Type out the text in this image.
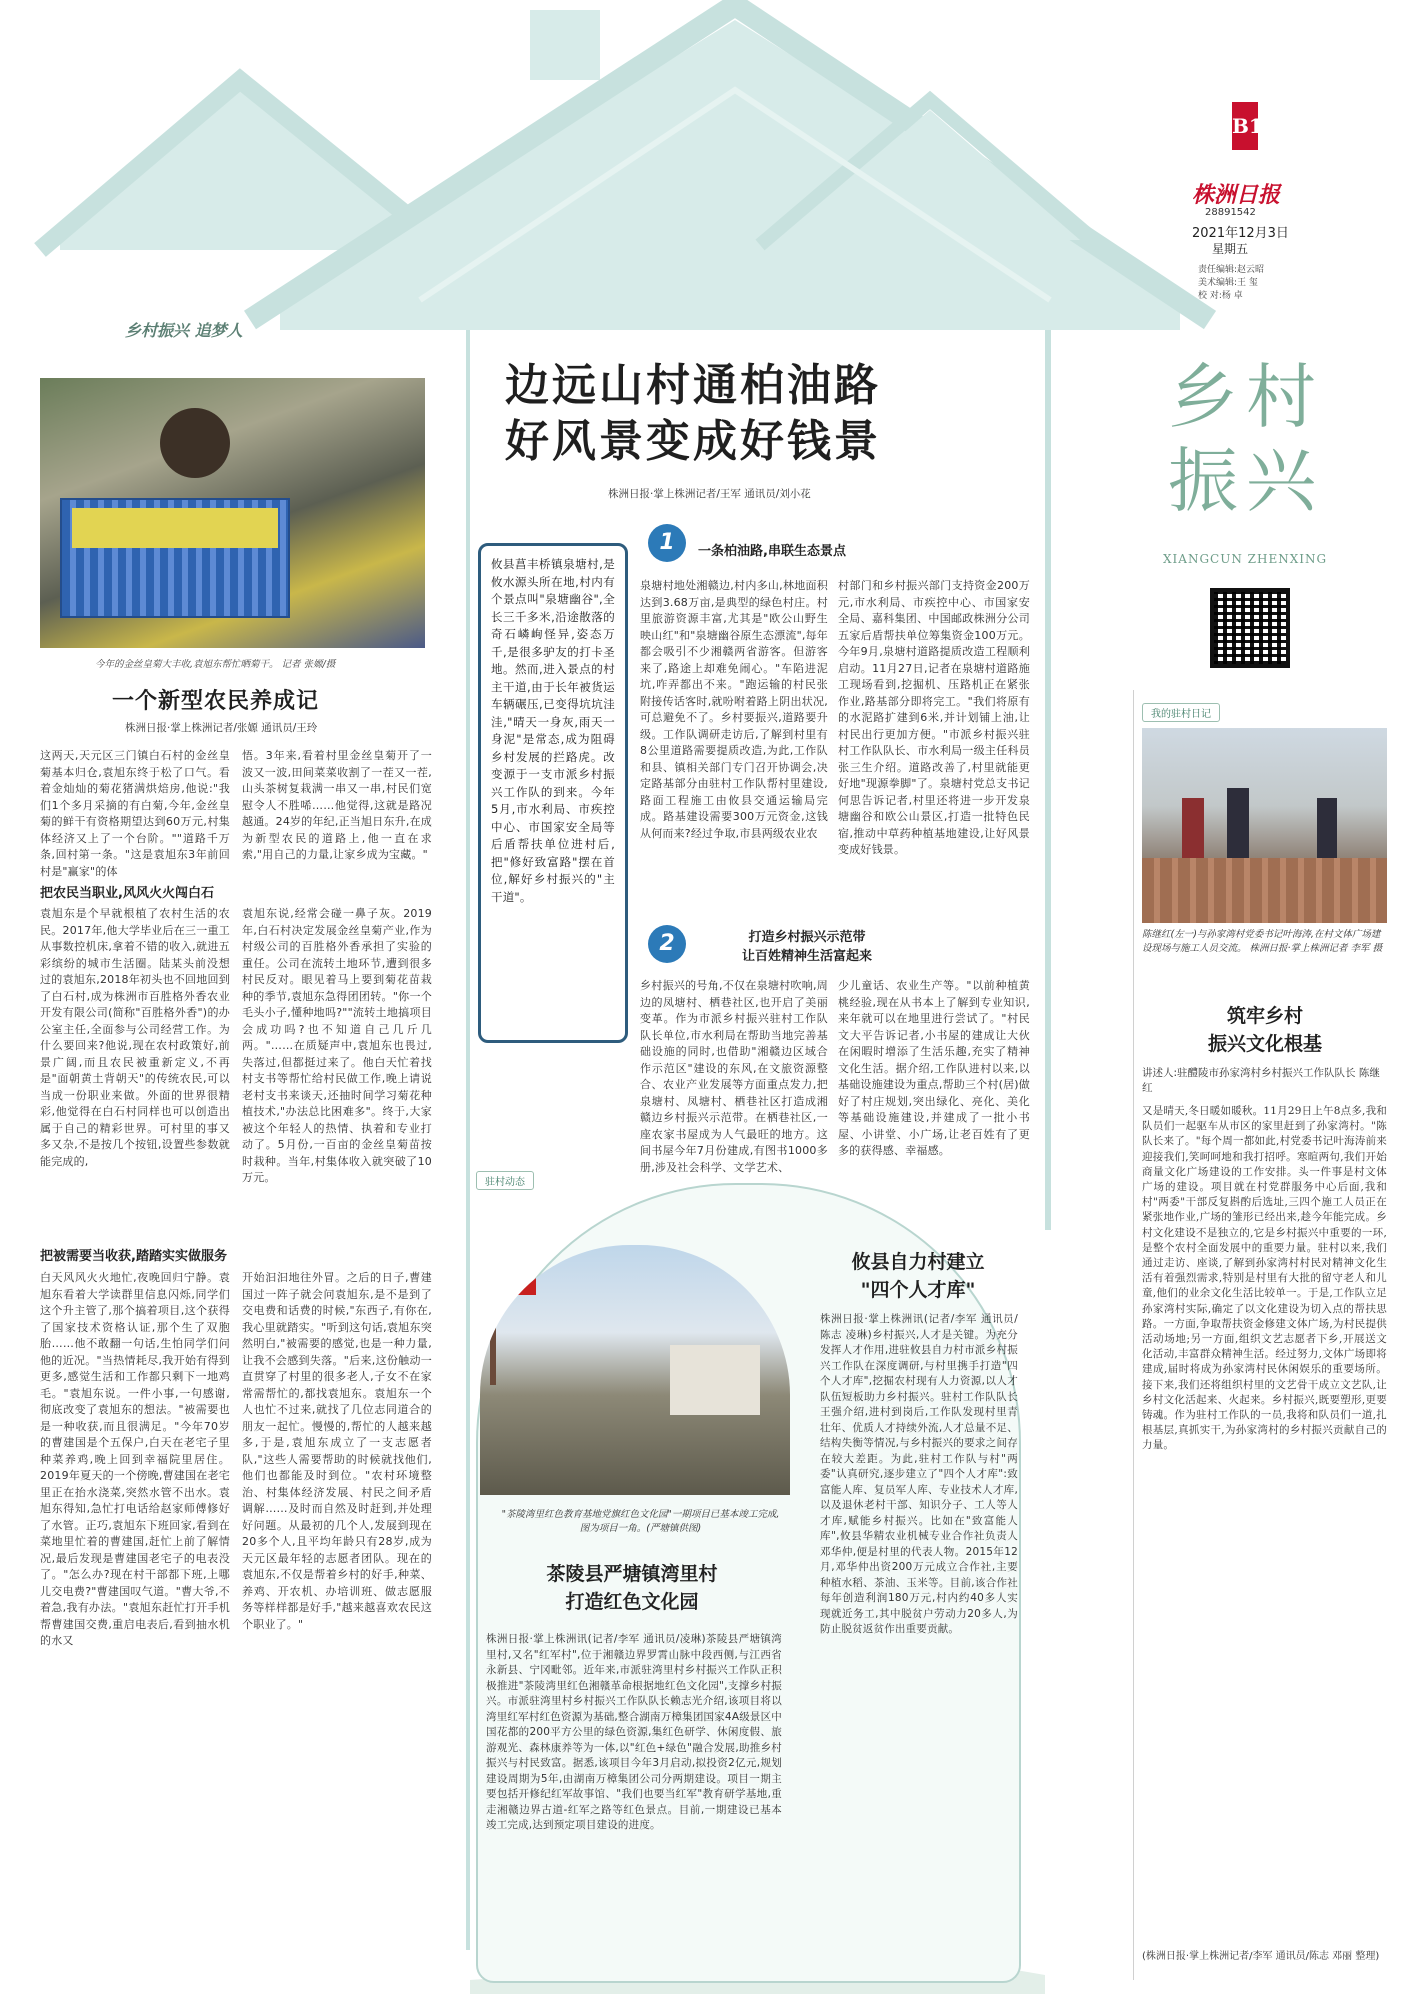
B1
株洲日报
28891542
2021年12月3日
星期五
责任编辑:赵云昭
美术编辑:王 玺
校 对:杨 卓
乡村振兴
XIANGCUN ZHENXING
乡村振兴 追梦人
边远山村通柏油路
好风景变成好钱景
株洲日报·掌上株洲记者/王军 通讯员/刘小花
攸县菖丰桥镇泉塘村,是攸水源头所在地,村内有个景点叫"泉塘幽谷",全长三千多米,沿途散落的奇石嶙峋怪异,姿态万千,是很多驴友的打卡圣地。然而,进入景点的村主干道,由于长年被货运车辆碾压,已变得坑坑洼洼,"晴天一身灰,雨天一身泥"是常态,成为阻碍乡村发展的拦路虎。改变源于一支市派乡村振兴工作队的到来。今年5月,市水利局、市疾控中心、市国家安全局等后盾帮扶单位进村后,把"修好致富路"摆在首位,解好乡村振兴的"主干道"。
1	一条柏油路,串联生态景点
泉塘村地处湘赣边,村内多山,林地面积达到3.68万亩,是典型的绿色村庄。村里旅游资源丰富,尤其是"欧公山野生映山红"和"泉塘幽谷原生态漂流",每年都会吸引不少湘赣两省游客。但游客来了,路途上却难免闹心。"车陷进泥坑,咋弄都出不来。"跑运输的村民张附接传话客时,就吩咐着路上阴出状况,可总避免不了。乡村要振兴,道路要升级。工作队调研走访后,了解到村里有8公里道路需要提质改造,为此,工作队和县、镇相关部门专门召开协调会,决定路基部分由驻村工作队帮村里建设,路面工程施工由攸县交通运输局完成。路基建设需要300万元资金,这钱从何而来?经过争取,市县两级农业农
村部门和乡村振兴部门支持资金200万元,市水利局、市疾控中心、市国家安全局、嘉科集团、中国邮政株洲分公司五家后盾帮扶单位筹集资金100万元。今年9月,泉塘村道路提质改造工程顺利启动。11月27日,记者在泉塘村道路施工现场看到,挖掘机、压路机正在紧张作业,路基部分即将完工。"我们将原有的水泥路扩建到6米,并计划铺上油,让村民出行更加方便。"市派乡村振兴驻村工作队队长、市水利局一级主任科员张三生介绍。道路改善了,村里就能更好地"现源拳脚"了。泉塘村党总支书记何思告诉记者,村里还将进一步开发泉塘幽谷和欧公山景区,打造一批特色民宿,推动中草药种植基地建设,让好风景变成好钱景。
2	打造乡村振兴示范带
让百姓精神生活富起来
乡村振兴的号角,不仅在泉塘村吹响,周边的凤塘村、栖巷社区,也开启了美丽变革。作为市派乡村振兴驻村工作队队长单位,市水利局在帮助当地完善基础设施的同时,也借助"湘赣边区域合作示范区"建设的东风,在文旅资源整合、农业产业发展等方面重点发力,把泉塘村、凤塘村、栖巷社区打造成湘赣边乡村振兴示范带。在栖巷社区,一座农家书屋成为人气最旺的地方。这间书屋今年7月份建成,有图书1000多册,涉及社会科学、文学艺术、
少儿童话、农业生产等。"以前种植黄桃经验,现在从书本上了解到专业知识,来年就可以在地里进行尝试了。"村民文大平告诉记者,小书屋的建成让大伙在闲暇时增添了生活乐趣,充实了精神文化生活。据介绍,工作队进村以来,以基础设施建设为重点,帮助三个村(居)做好了村庄规划,突出绿化、亮化、美化等基础设施建设,并建成了一批小书屋、小讲堂、小广场,让老百姓有了更多的获得感、幸福感。
今年的金丝皇菊大丰收,袁旭东帮忙晒菊干。 记者 张嫄/摄
一个新型农民养成记
株洲日报·掌上株洲记者/张嫄 通讯员/王玲
这两天,天元区三门镇白石村的金丝皇菊基本归仓,袁旭东终于松了口气。看着金灿灿的菊花猪满烘焙房,他说:"我们1个多月采摘的有白菊,今年,金丝皇菊的鲜干有资格期望达到60万元,村集体经济又上了一个台阶。""道路千万条,回村第一条。"这是袁旭东3年前回村是"赢家"的体
悟。3年来,看着村里金丝皇菊开了一波又一波,田间菜菜收割了一茬又一茬,山头茶树复栽满一串又一串,村民们宽慰令人不胜唏……他觉得,这就是路况越通。24岁的年纪,正当旭日东升,在成为新型农民的道路上,他一直在求索,"用自己的力量,让家乡成为宝藏。"
把农民当职业,风风火火闯白石
袁旭东是个早就根植了农村生活的农民。2017年,他大学毕业后在三一重工从事数控机床,拿着不错的收入,就进五彩缤纷的城市生活圈。陆某头前没想过的袁旭东,2018年初头也不回地回到了白石村,成为株洲市百胜格外香农业开发有限公司(简称"百胜格外香")的办公室主任,全面参与公司经营工作。为什么要回来?他说,现在农村政策好,前景广阔,而且农民被重新定义,不再是"面朝黄土背朝天"的传统农民,可以当成一份职业来做。外面的世界很精彩,他觉得在白石村同样也可以创造出属于自己的精彩世界。可村里的事又多又杂,不是按几个按钮,设置些参数就能完成的,
袁旭东说,经常会碰一鼻子灰。2019年,白石村决定发展金丝皇菊产业,作为村级公司的百胜格外香承担了实验的重任。公司在流转土地环节,遭到很多村民反对。眼见着马上要到菊花苗栽种的季节,袁旭东急得团团转。"你一个毛头小子,懂种地吗?""流转土地搞项目会成功吗?也不知道自己几斤几两。"……在质疑声中,袁旭东也畏过,失落过,但都挺过来了。他白天忙着找村支书等帮忙给村民做工作,晚上请说老村支书来谈天,还抽时间学习菊花种植技术,"办法总比困难多"。终于,大家被这个年轻人的热情、执着和专业打动了。5月份,一百亩的金丝皇菊苗按时栽种。当年,村集体收入就突破了10万元。
把被需要当收获,踏踏实实做服务
白天风风火火地忙,夜晚回归宁静。袁旭东看着大学读群里信息闪烁,同学们这个升主管了,那个搞着项目,这个获得了国家技术资格认证,那个生了双胞胎……他不敢翻一句话,生怕同学们问他的近况。"当热情耗尽,我开始有得到更多,感觉生活和工作都只剩下一地鸡毛。"袁旭东说。一件小事,一句感谢,彻底改变了袁旭东的想法。"被需要也是一种收获,而且很满足。"今年70岁的曹建国是个五保户,白天在老宅子里种菜养鸡,晚上回到幸福院里居住。2019年夏天的一个傍晚,曹建国在老宅里正在抬水浇菜,突然水管不出水。袁旭东得知,急忙打电话给赵家师傅修好了水管。正巧,袁旭东下班回家,看到在菜地里忙着的曹建国,赶忙上前了解情况,最后发现是曹建国老宅子的电表没了。"怎么办?现在村干部都下班,上哪儿交电费?"曹建国叹气道。"曹大爷,不着急,我有办法。"袁旭东赶忙打开手机帮曹建国交费,重启电表后,看到抽水机的水又
开始汩汩地往外冒。之后的日子,曹建国过一阵子就会问袁旭东,是不是到了交电费和话费的时候,"东西子,有你在,我心里就踏实。"听到这句话,袁旭东突然明白,"被需要的感觉,也是一种力量,让我不会感到失落。"后来,这份触动一直贯穿了村里的很多老人,子女不在家常需帮忙的,都找袁旭东。袁旭东一个人也忙不过来,就找了几位志同道合的朋友一起忙。慢慢的,帮忙的人越来越多,于是,袁旭东成立了一支志愿者队,"这些人需要帮助的时候就找他们,他们也都能及时到位。"农村环境整治、村集体经济发展、村民之间矛盾调解……及时而自然及时赶到,并处理好问题。从最初的几个人,发展到现在20多个人,且平均年龄只有28岁,成为天元区最年轻的志愿者团队。现在的袁旭东,不仅是帮着乡村的好手,种菜、养鸡、开农机、办培训班、做志愿服务等样样都是好手,"越来越喜欢农民这个职业了。"
驻村动态
"茶陵湾里红色教育基地党旗红色文化园"一期项目已基本竣工完成,图为项目一角。(严塘镇供图)
茶陵县严塘镇湾里村
打造红色文化园
株洲日报·掌上株洲讯(记者/李军 通讯员/凌琳)茶陵县严塘镇湾里村,又名"红军村",位于湘赣边界罗霄山脉中段西侧,与江西省永新县、宁冈毗邻。近年来,市派驻湾里村乡村振兴工作队正积极推进"茶陵湾里红色湘赣革命根据地红色文化园",支撑乡村振兴。市派驻湾里村乡村振兴工作队队长赖志光介绍,该项目将以湾里红军村红色资源为基础,整合湖南万樟集团国家4A级景区中国花都的200平方公里的绿色资源,集红色研学、休闲度假、旅游观光、森林康养等为一体,以"红色+绿色"融合发展,助推乡村振兴与村民致富。据悉,该项目今年3月启动,拟投资2亿元,规划建设周期为5年,由湖南万樟集团公司分两期建设。项目一期主要包括开修纪红军故事馆、"我们也要当红军"教育研学基地,重走湘赣边界古道-红军之路等红色景点。目前,一期建设已基本竣工完成,达到预定项目建设的进度。
攸县自力村建立
"四个人才库"
株洲日报·掌上株洲讯(记者/李军 通讯员/陈志 凌琳)乡村振兴,人才是关键。为充分发挥人才作用,进驻攸县自力村市派乡村振兴工作队在深度调研,与村里携手打造"四个人才库",挖掘农村现有人力资源,以人才队伍短板助力乡村振兴。驻村工作队队长王强介绍,进村到岗后,工作队发现村里青壮年、优质人才持续外流,人才总量不足、结构失衡等情况,与乡村振兴的要求之间存在较大差距。为此,驻村工作队与村"两委"认真研究,逐步建立了"四个人才库":致富能人库、复员军人库、专业技术人才库,以及退休老村干部、知识分子、工人等人才库,赋能乡村振兴。比如在"致富能人库",攸县华精农业机械专业合作社负责人邓华仲,便是村里的代表人物。2015年12月,邓华仲出资200万元成立合作社,主要种植水稻、茶油、玉米等。目前,该合作社每年创造利润180万元,村内约40多人实现就近务工,其中脱贫户劳动力20多人,为防止脱贫返贫作出重要贡献。
我的驻村日记
陈继红(左一)与孙家湾村党委书记叶海涛,在村文体广场建设现场与施工人员交流。 株洲日报·掌上株洲记者 李军 摄
筑牢乡村
振兴文化根基
讲述人:驻醴陵市孙家湾村乡村振兴工作队队长 陈继红
又是晴天,冬日暖如暖秋。11月29日上午8点多,我和队员们一起驱车从市区的家里赶到了孙家湾村。"陈队长来了。"每个周一都如此,村党委书记叶海涛前来迎接我们,笑呵呵地和我打招呼。寒暄两句,我们开始商量文化广场建设的工作安排。头一件事是村文体广场的建设。项目就在村党群服务中心后面,我和村"两委"干部反复斟酌后选址,三四个施工人员正在紧张地作业,广场的雏形已经出来,趁今年能完成。乡村文化建设不是独立的,它是乡村振兴中重要的一环,是整个农村全面发展中的重要力量。驻村以来,我们通过走访、座谈,了解到孙家湾村村民对精神文化生活有着强烈需求,特别是村里有大批的留守老人和儿童,他们的业余文化生活比较单一。于是,工作队立足孙家湾村实际,确定了以文化建设为切入点的帮扶思路。一方面,争取帮扶资金修建文体广场,为村民提供活动场地;另一方面,组织文艺志愿者下乡,开展送文化活动,丰富群众精神生活。经过努力,文体广场即将建成,届时将成为孙家湾村民休闲娱乐的重要场所。接下来,我们还将组织村里的文艺骨干成立文艺队,让乡村文化活起来、火起来。乡村振兴,既要塑形,更要铸魂。作为驻村工作队的一员,我将和队员们一道,扎根基层,真抓实干,为孙家湾村的乡村振兴贡献自己的力量。
(株洲日报·掌上株洲记者/李军 通讯员/陈志 邓丽 整理)
